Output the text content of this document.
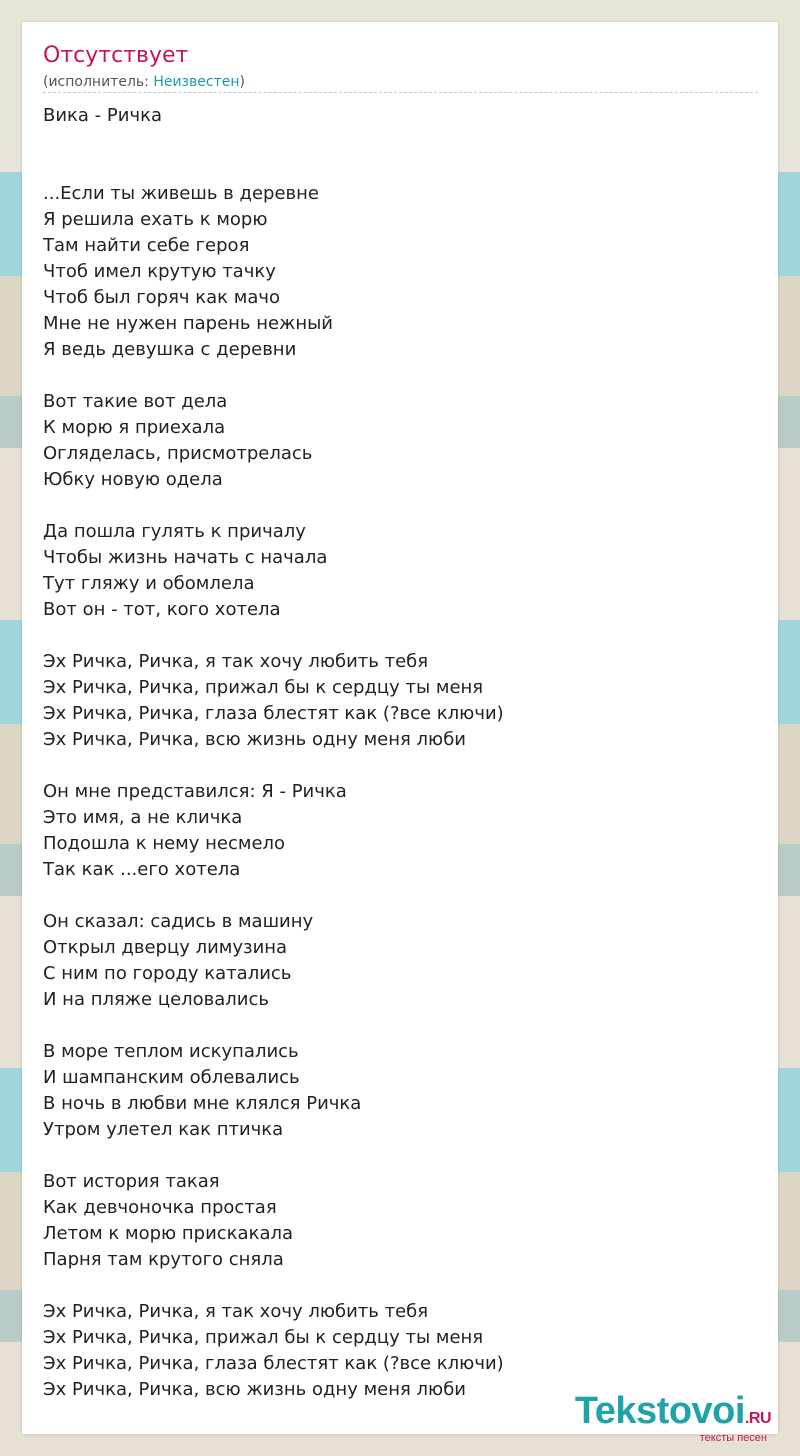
Отсутствует
(исполнитель: Неизвестен)
Вика - Ричка
...Если ты живешь в деревне
Я решила ехать к морю
Там найти себе героя
Чтоб имел крутую тачку
Чтоб был горяч как мачо
Мне не нужен парень нежный
Я ведь девушка с деревни
Вот такие вот дела
К морю я приехала
Огляделась, присмотрелась
Юбку новую одела
Да пошла гулять к причалу
Чтобы жизнь начать с начала
Тут гляжу и обомлела
Вот он - тот, кого хотела
Эх Ричка, Ричка, я так хочу любить тебя
Эх Ричка, Ричка, прижал бы к сердцу ты меня
Эх Ричка, Ричка, глаза блестят как (?все ключи)
Эх Ричка, Ричка, всю жизнь одну меня люби
Он мне представился: Я - Ричка
Это имя, а не кличка
Подошла к нему несмело
Так как ...его хотела
Он сказал: садись в машину
Открыл дверцу лимузина
С ним по городу катались
И на пляже целовались
В море теплом искупались
И шампанским облевались
В ночь в любви мне клялся Ричка
Утром улетел как птичка
Вот история такая
Как девчоночка простая
Летом к морю прискакала
Парня там крутого сняла
Эх Ричка, Ричка, я так хочу любить тебя
Эх Ричка, Ричка, прижал бы к сердцу ты меня
Эх Ричка, Ричка, глаза блестят как (?все ключи)
Эх Ричка, Ричка, всю жизнь одну меня люби
Tekstovoi.RU
тексты песен
